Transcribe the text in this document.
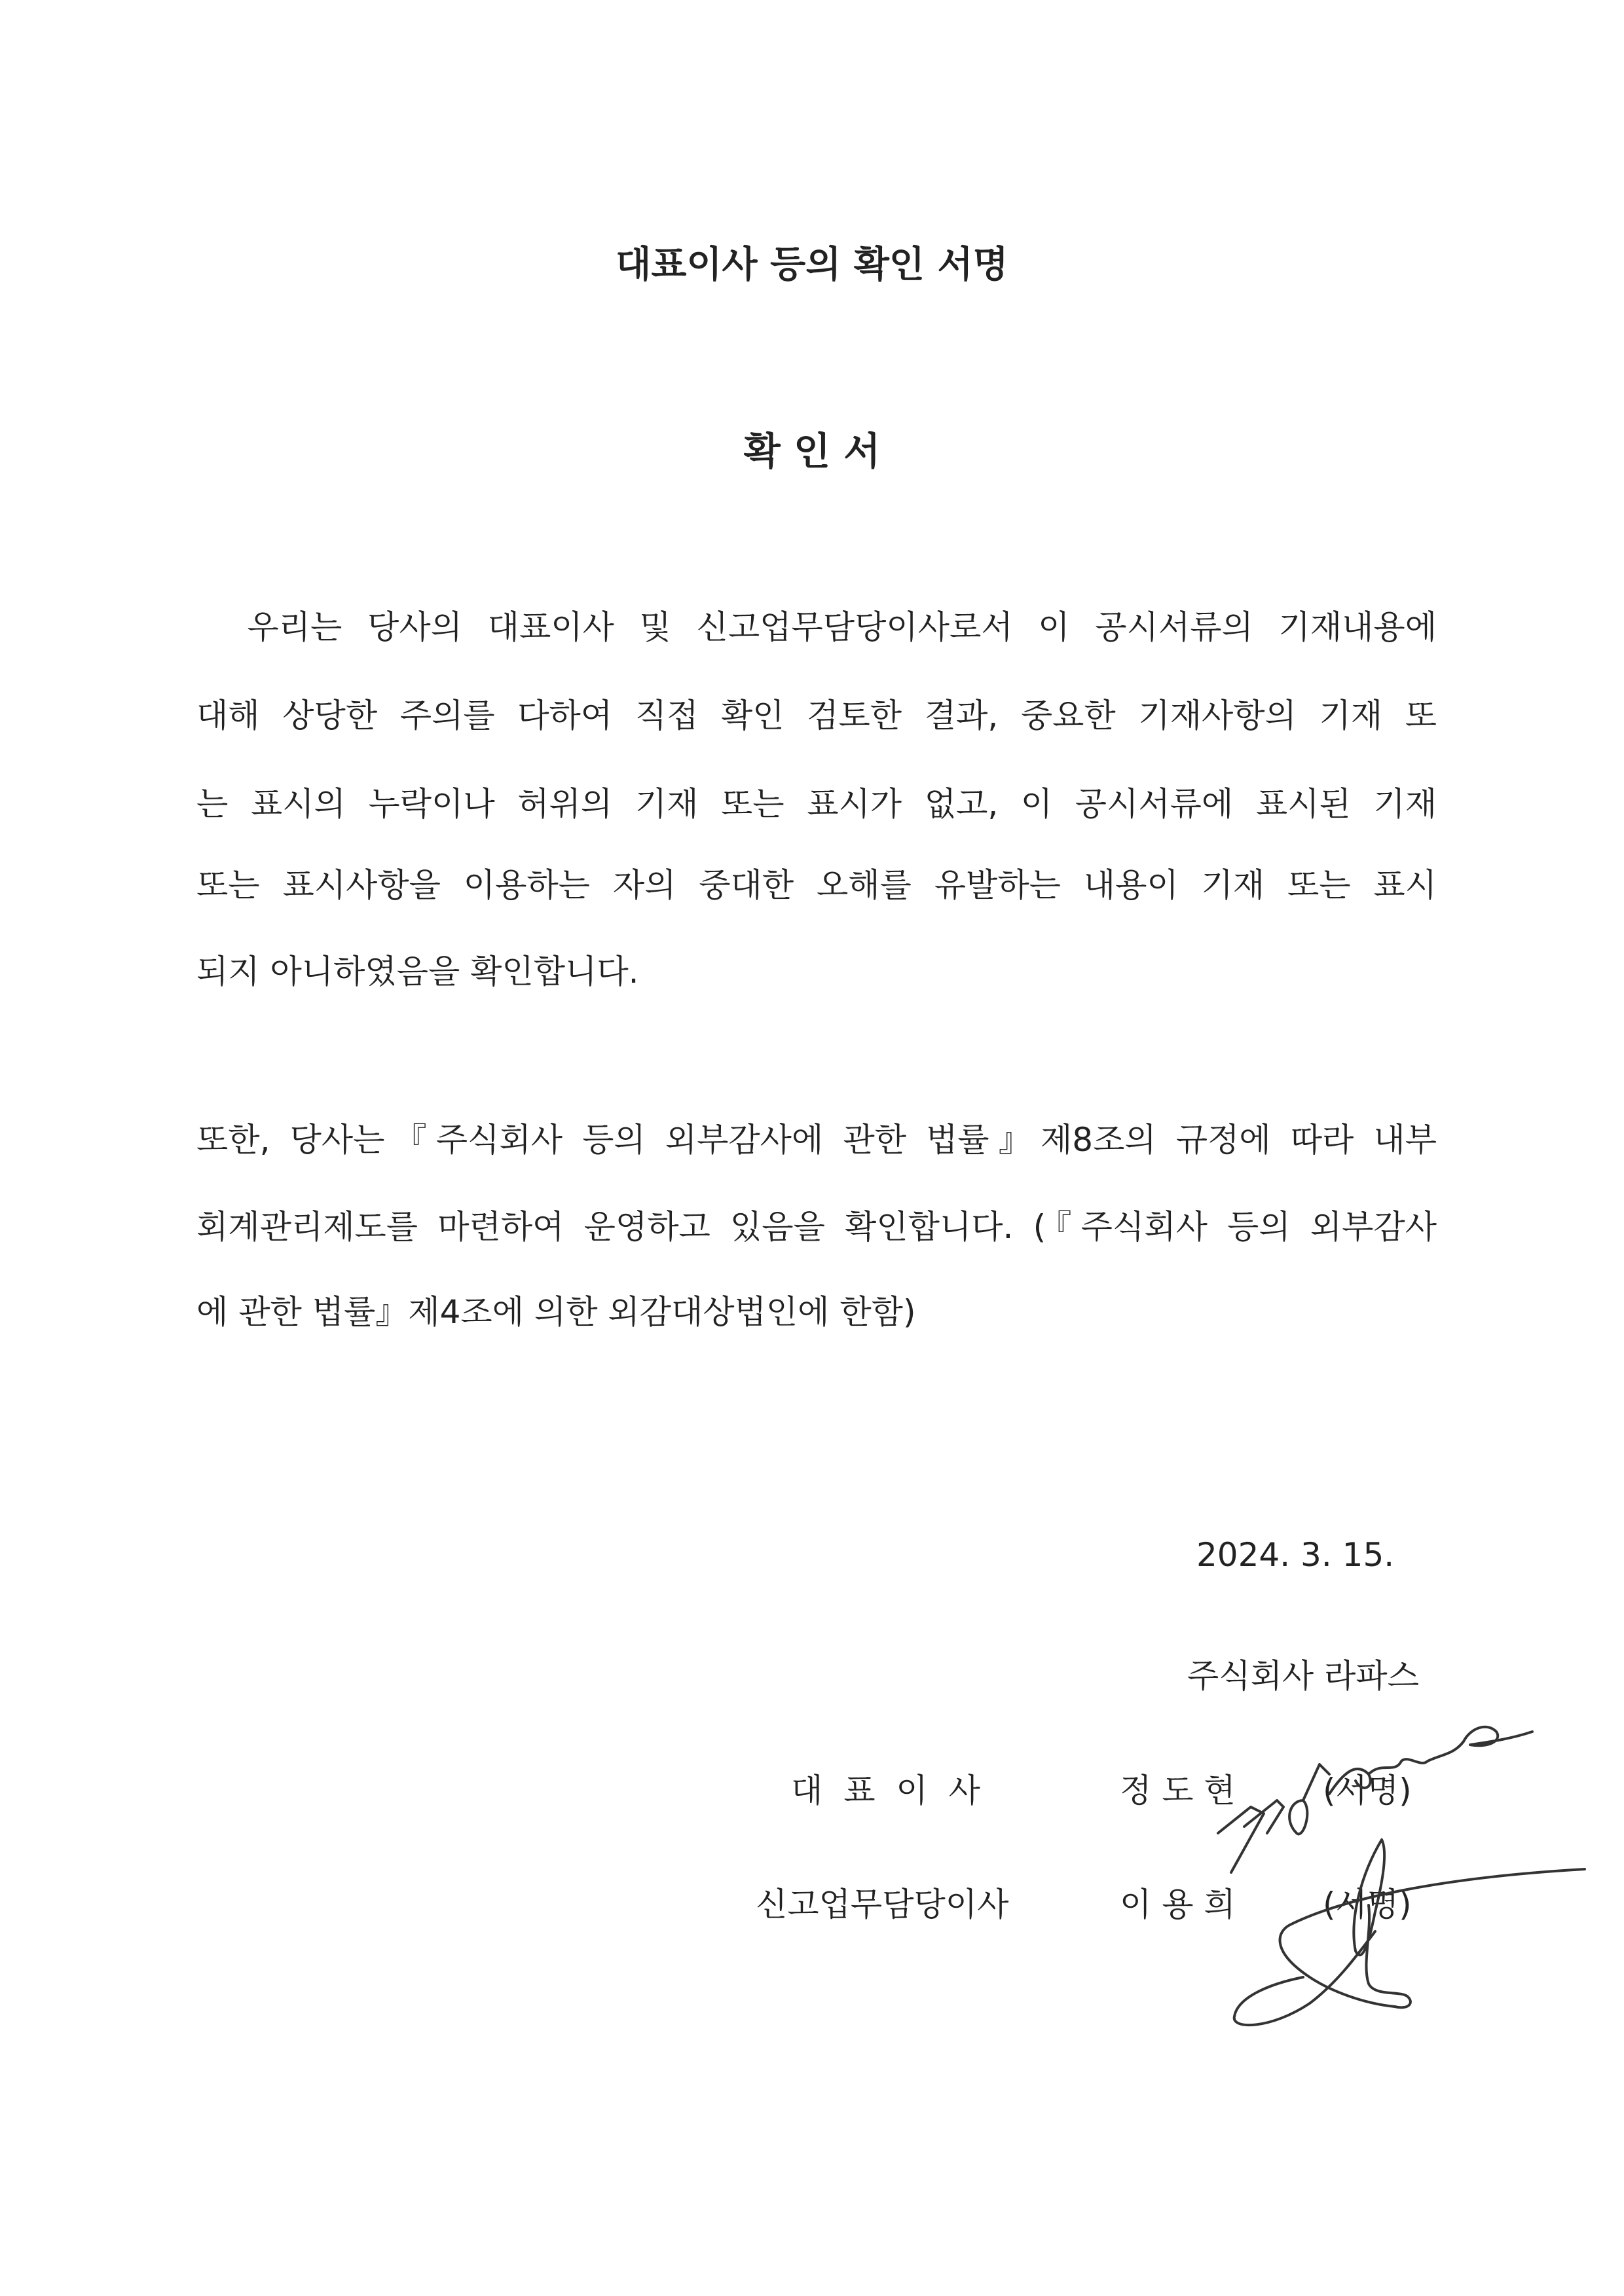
대표이사 등의 확인 서명
확 인 서
우리는 당사의 대표이사 및 신고업무담당이사로서 이 공시서류의 기재내용에
대해 상당한 주의를 다하여 직접 확인 검토한 결과, 중요한 기재사항의 기재 또
는 표시의 누락이나 허위의 기재 또는 표시가 없고, 이 공시서류에 표시된 기재
또는 표시사항을 이용하는 자의 중대한 오해를 유발하는 내용이 기재 또는 표시
되지 아니하였음을 확인합니다.
또한, 당사는『주식회사 등의 외부감사에 관한 법률』제8조의 규정에 따라 내부
회계관리제도를 마련하여 운영하고 있음을 확인합니다. (『주식회사 등의 외부감사
에 관한 법률』제4조에 의한 외감대상법인에 한함)
2024. 3. 15.
주식회사 라파스
대 표 이 사	정 도 현	(서명)
신고업무담당이사	이 용 희	(서명)
